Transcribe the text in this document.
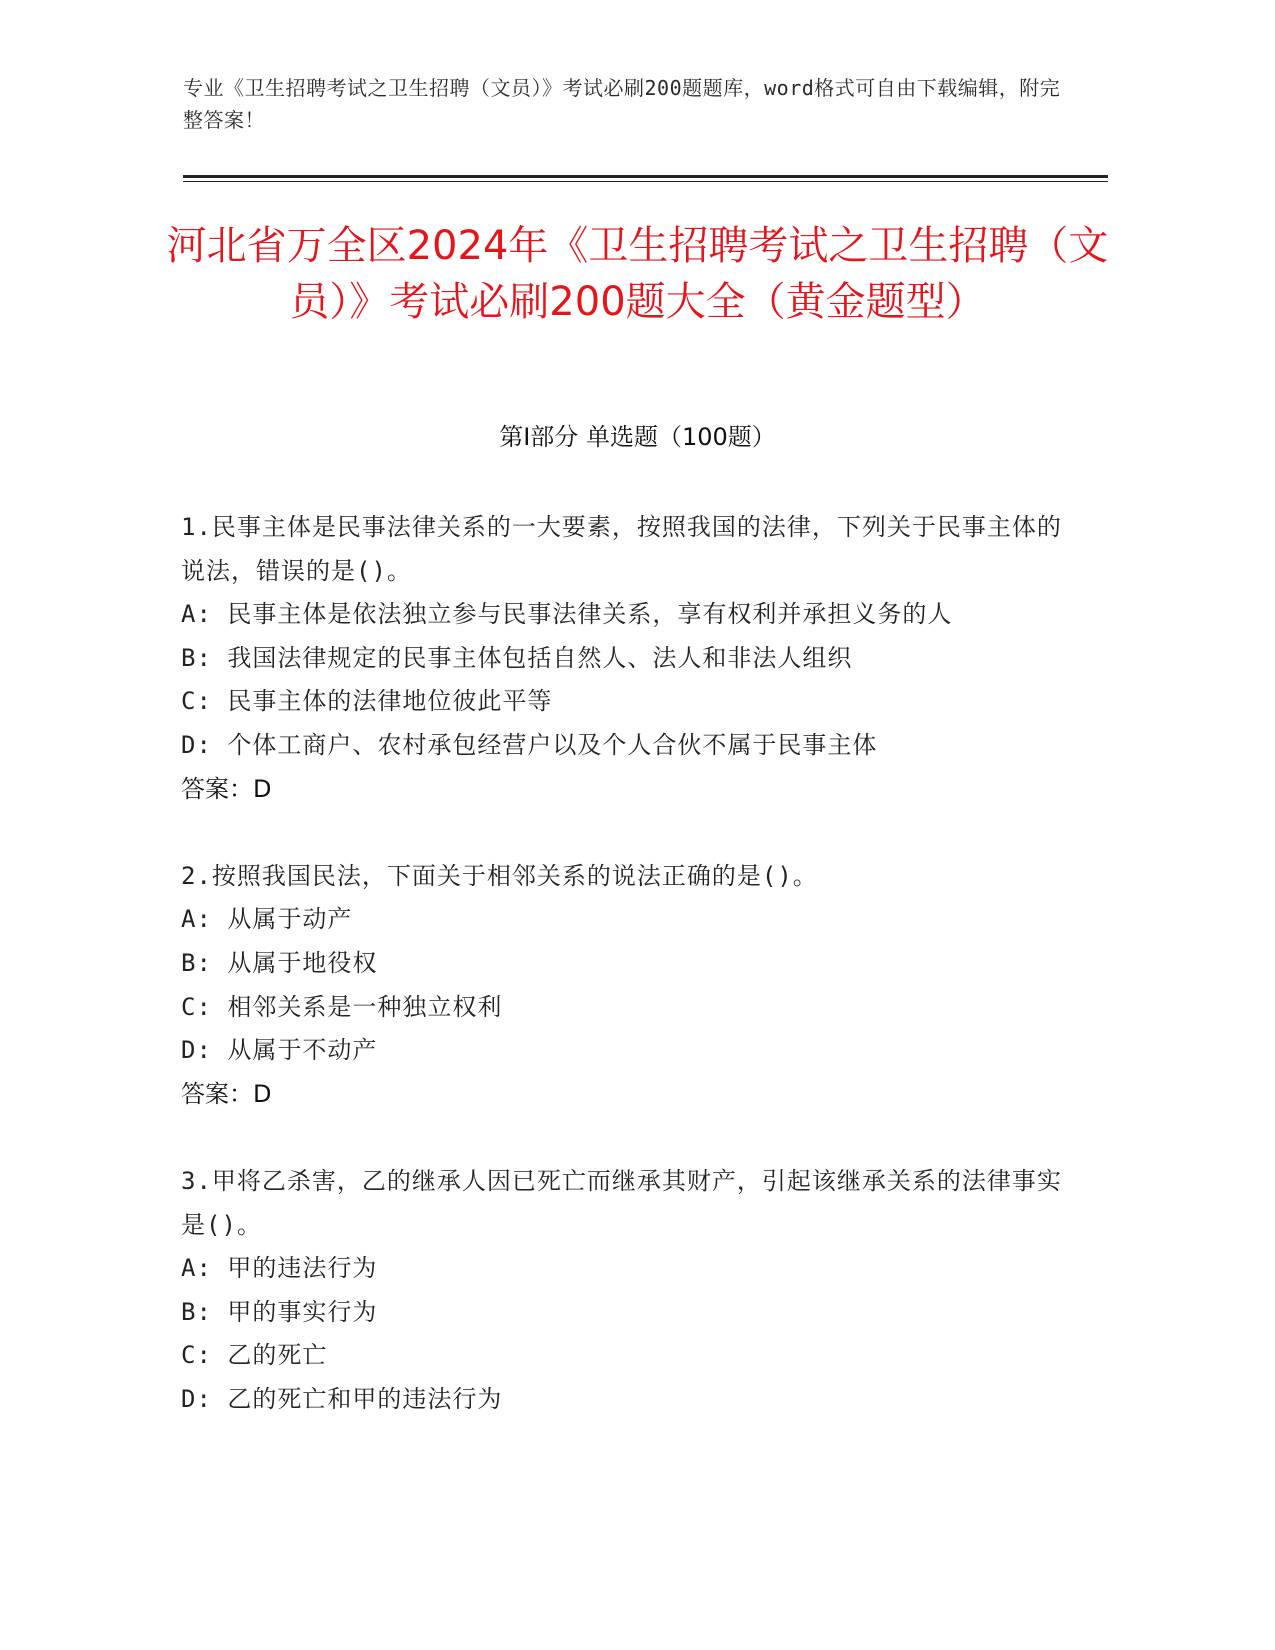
专业《卫生招聘考试之卫生招聘（文员）》考试必刷200题题库，word格式可自由下载编辑，附完整答案！
河北省万全区2024年《卫生招聘考试之卫生招聘（文员）》考试必刷200题大全（黄金题型）
第I部分 单选题（100题）
1.民事主体是民事法律关系的一大要素，按照我国的法律，下列关于民事主体的说法，错误的是()。
A: 民事主体是依法独立参与民事法律关系，享有权利并承担义务的人
B: 我国法律规定的民事主体包括自然人、法人和非法人组织
C: 民事主体的法律地位彼此平等
D: 个体工商户、农村承包经营户以及个人合伙不属于民事主体
答案：D
2.按照我国民法，下面关于相邻关系的说法正确的是()。
A: 从属于动产
B: 从属于地役权
C: 相邻关系是一种独立权利
D: 从属于不动产
答案：D
3.甲将乙杀害，乙的继承人因已死亡而继承其财产，引起该继承关系的法律事实是()。
A: 甲的违法行为
B: 甲的事实行为
C: 乙的死亡
D: 乙的死亡和甲的违法行为
